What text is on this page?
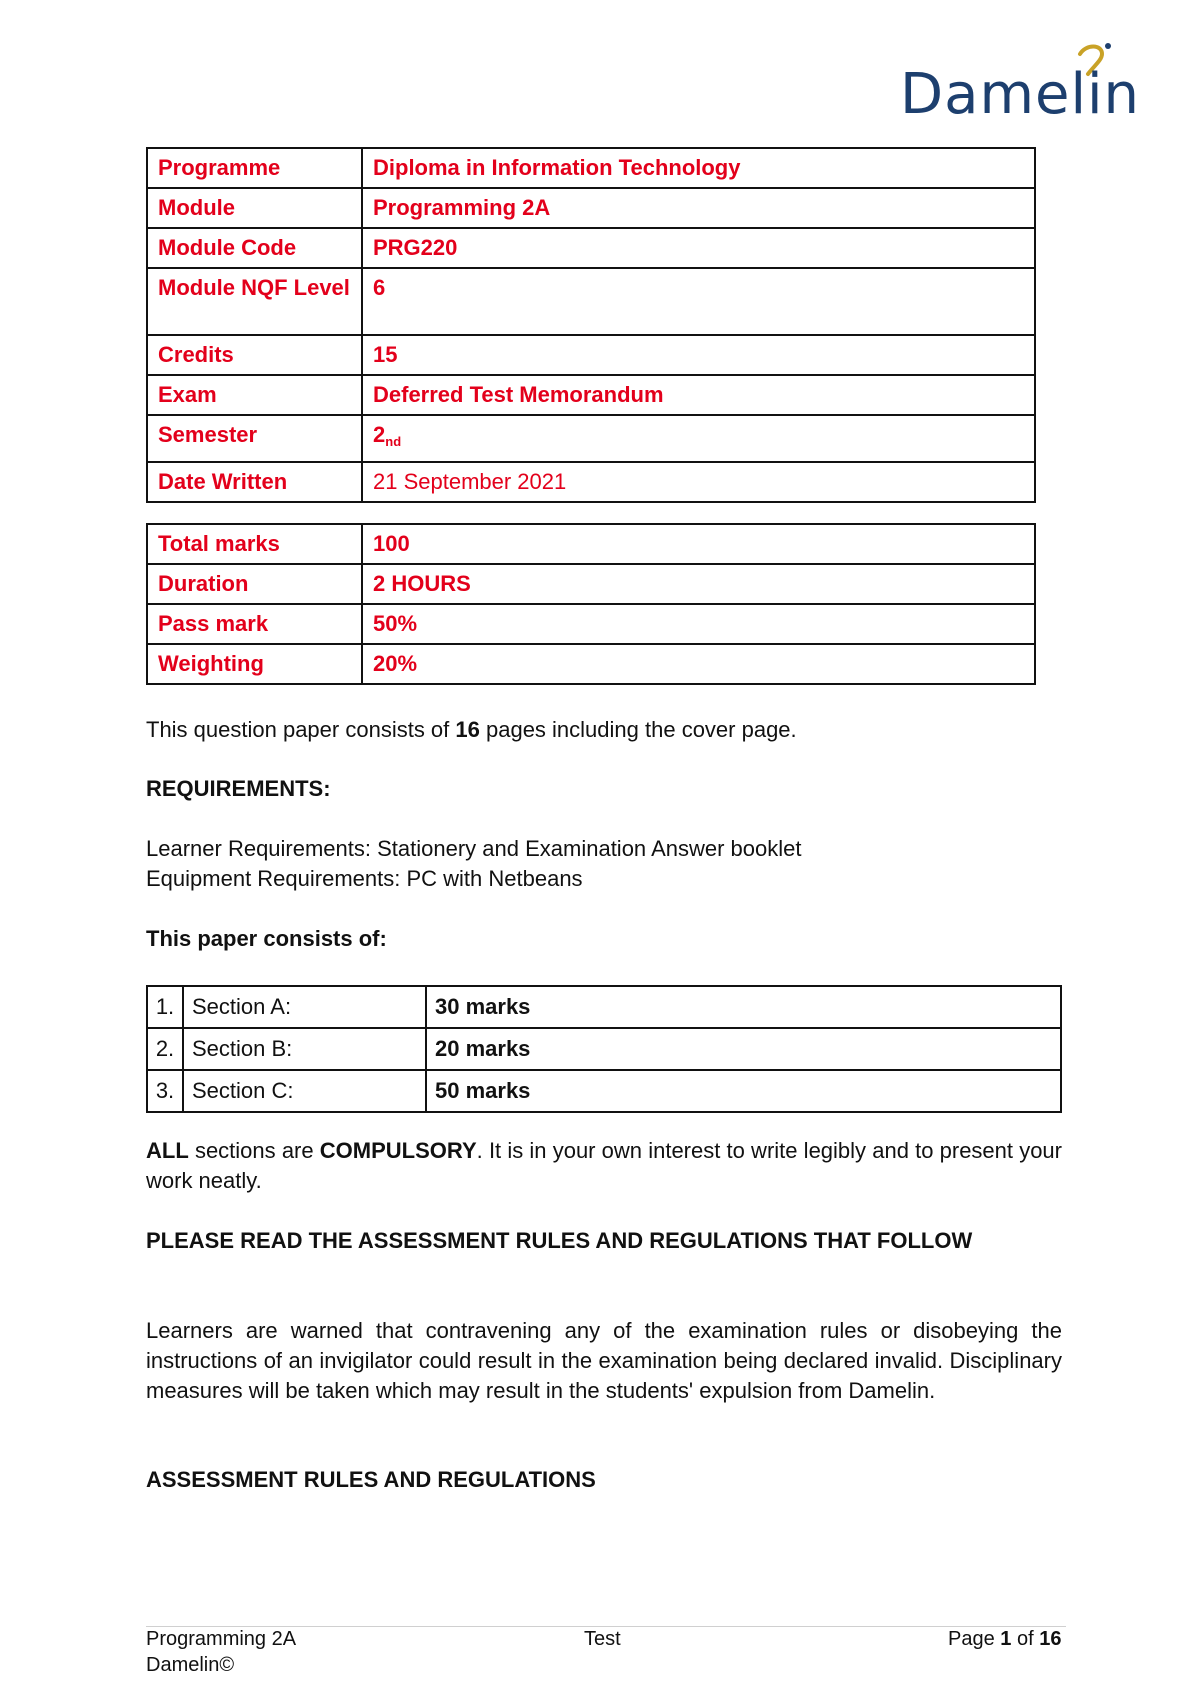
Damelin
Programme	Diploma in Information Technology
Module	Programming 2A
Module Code	PRG220
Module NQF Level	6
Credits	15
Exam	Deferred Test Memorandum
Semester	2nd
Date Written	21 September 2021
Total marks	100
Duration	2 HOURS
Pass mark	50%
Weighting	20%
This question paper consists of 16 pages including the cover page.
REQUIREMENTS:
Learner Requirements: Stationery and Examination Answer booklet
Equipment Requirements: PC with Netbeans
This paper consists of:
1.	Section A:	30 marks
2.	Section B:	20 marks
3.	Section C:	50 marks
ALL sections are COMPULSORY. It is in your own interest to write legibly and to present your work neatly.
PLEASE READ THE ASSESSMENT RULES AND REGULATIONS THAT FOLLOW
Learners are warned that contravening any of the examination rules or disobeying the instructions of an invigilator could result in the examination being declared invalid. Disciplinary measures will be taken which may result in the students' expulsion from Damelin.
ASSESSMENT RULES AND REGULATIONS
Programming 2A
Damelin©
Test	Page 1 of 16
